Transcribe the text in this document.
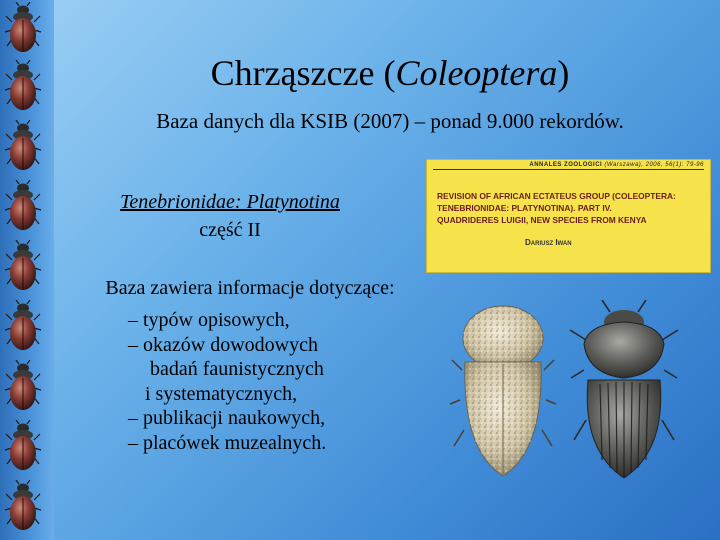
Chrząszcze (Coleoptera)
Baza danych dla KSIB (2007) – ponad 9.000 rekordów.
Tenebrionidae: Platynotina
część II
Baza zawiera informacje dotyczące:
– typów opisowych,
– okazów dowodowych
badań faunistycznych
i systematycznych,
– publikacji naukowych,
– placówek muzealnych.
ANNALES ZOOLOGICI (Warszawa), 2006, 56(1): 79-96
REVISION OF AFRICAN ECTATEUS GROUP (COLEOPTERA:
TENEBRIONIDAE: PLATYNOTINA). PART IV.
QUADRIDERES LUIGII, NEW SPECIES FROM KENYA
Dariusz Iwan
